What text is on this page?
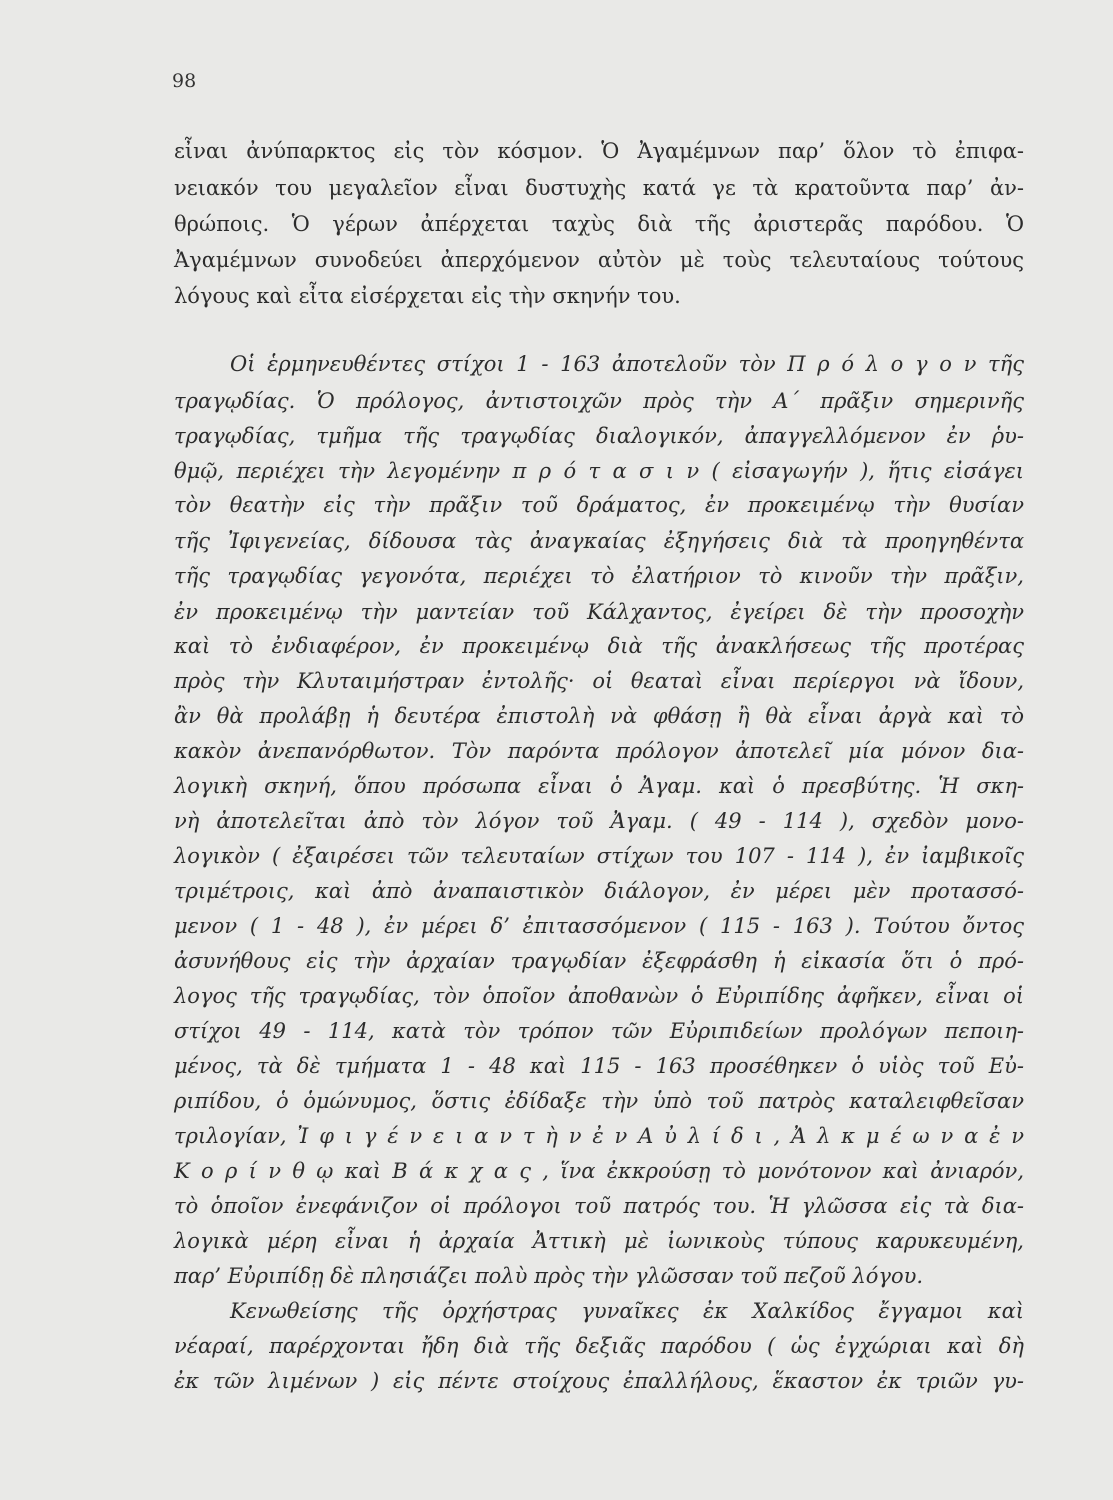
98
εἶναι ἀνύπαρκτος εἰς τὸν κόσμον. Ὁ Ἀγαμέμνων παρ’ ὅλον τὸ ἐπιφα-
νειακόν του μεγαλεῖον εἶναι δυστυχὴς κατά γε τὰ κρατοῦντα παρ’ ἀν-
θρώποις. Ὁ γέρων ἀπέρχεται ταχὺς διὰ τῆς ἀριστερᾶς παρόδου. Ὁ
Ἀγαμέμνων συνοδεύει ἀπερχόμενον αὐτὸν μὲ τοὺς τελευταίους τούτους
λόγους καὶ εἶτα εἰσέρχεται εἰς τὴν σκηνήν του.
Οἱ ἑρμηνευθέντες στίχοι 1 - 163 ἀποτελοῦν τὸν Π ρ ό λ ο γ ο ν τῆς
τραγῳδίας. Ὁ πρόλογος, ἀντιστοιχῶν πρὸς τὴν Α΄ πρᾶξιν σημερινῆς
τραγῳδίας, τμῆμα τῆς τραγῳδίας διαλογικόν, ἀπαγγελλόμενον ἐν ῥυ-
θμῷ, περιέχει τὴν λεγομένην π ρ ό τ α σ ι ν ( εἰσαγωγήν ), ἥτις εἰσάγει
τὸν θεατὴν εἰς τὴν πρᾶξιν τοῦ δράματος, ἐν προκειμένῳ τὴν θυσίαν
τῆς Ἰφιγενείας, δίδουσα τὰς ἀναγκαίας ἐξηγήσεις διὰ τὰ προηγηθέντα
τῆς τραγῳδίας γεγονότα, περιέχει τὸ ἐλατήριον τὸ κινοῦν τὴν πρᾶξιν,
ἐν προκειμένῳ τὴν μαντείαν τοῦ Κάλχαντος, ἐγείρει δὲ τὴν προσοχὴν
καὶ τὸ ἐνδιαφέρον, ἐν προκειμένῳ διὰ τῆς ἀνακλήσεως τῆς προτέρας
πρὸς τὴν Κλυταιμήστραν ἐντολῆς· οἱ θεαταὶ εἶναι περίεργοι νὰ ἴδουν,
ἂν θὰ προλάβῃ ἡ δευτέρα ἐπιστολὴ νὰ φθάσῃ ἢ θὰ εἶναι ἀργὰ καὶ τὸ
κακὸν ἀνεπανόρθωτον. Τὸν παρόντα πρόλογον ἀποτελεῖ μία μόνον δια-
λογικὴ σκηνή, ὅπου πρόσωπα εἶναι ὁ Ἀγαμ. καὶ ὁ πρεσβύτης. Ἡ σκη-
νὴ ἀποτελεῖται ἀπὸ τὸν λόγον τοῦ Ἀγαμ. ( 49 - 114 ), σχεδὸν μονο-
λογικὸν ( ἐξαιρέσει τῶν τελευταίων στίχων του 107 - 114 ), ἐν ἰαμβικοῖς
τριμέτροις, καὶ ἀπὸ ἀναπαιστικὸν διάλογον, ἐν μέρει μὲν προτασσό-
μενον ( 1 - 48 ), ἐν μέρει δ’ ἐπιτασσόμενον ( 115 - 163 ). Τούτου ὄντος
ἀσυνήθους εἰς τὴν ἀρχαίαν τραγῳδίαν ἐξεφράσθη ἡ εἰκασία ὅτι ὁ πρό-
λογος τῆς τραγῳδίας, τὸν ὁποῖον ἀποθανὼν ὁ Εὐριπίδης ἀφῆκεν, εἶναι οἱ
στίχοι 49 - 114, κατὰ τὸν τρόπον τῶν Εὐριπιδείων προλόγων πεποιη-
μένος, τὰ δὲ τμήματα 1 - 48 καὶ 115 - 163 προσέθηκεν ὁ υἱὸς τοῦ Εὐ-
ριπίδου, ὁ ὁμώνυμος, ὅστις ἐδίδαξε τὴν ὑπὸ τοῦ πατρὸς καταλειφθεῖσαν
τριλογίαν, Ἰ φ ι γ έ ν ε ι α ν τ ὴ ν ἐ ν Α ὐ λ ί δ ι , Ἀ λ κ μ έ ω ν α ἐ ν
Κ ο ρ ί ν θ ῳ καὶ Β ά κ χ α ς , ἵνα ἐκκρούσῃ τὸ μονότονον καὶ ἀνιαρόν,
τὸ ὁποῖον ἐνεφάνιζον οἱ πρόλογοι τοῦ πατρός του. Ἡ γλῶσσα εἰς τὰ δια-
λογικὰ μέρη εἶναι ἡ ἀρχαία Ἀττικὴ μὲ ἰωνικοὺς τύπους καρυκευμένη,
παρ’ Εὐριπίδῃ δὲ πλησιάζει πολὺ πρὸς τὴν γλῶσσαν τοῦ πεζοῦ λόγου.
Κενωθείσης τῆς ὀρχήστρας γυναῖκες ἐκ Χαλκίδος ἔγγαμοι καὶ
νέαραί, παρέρχονται ἤδη διὰ τῆς δεξιᾶς παρόδου ( ὡς ἐγχώριαι καὶ δὴ
ἐκ τῶν λιμένων ) εἰς πέντε στοίχους ἐπαλλήλους, ἕκαστον ἐκ τριῶν γυ-
